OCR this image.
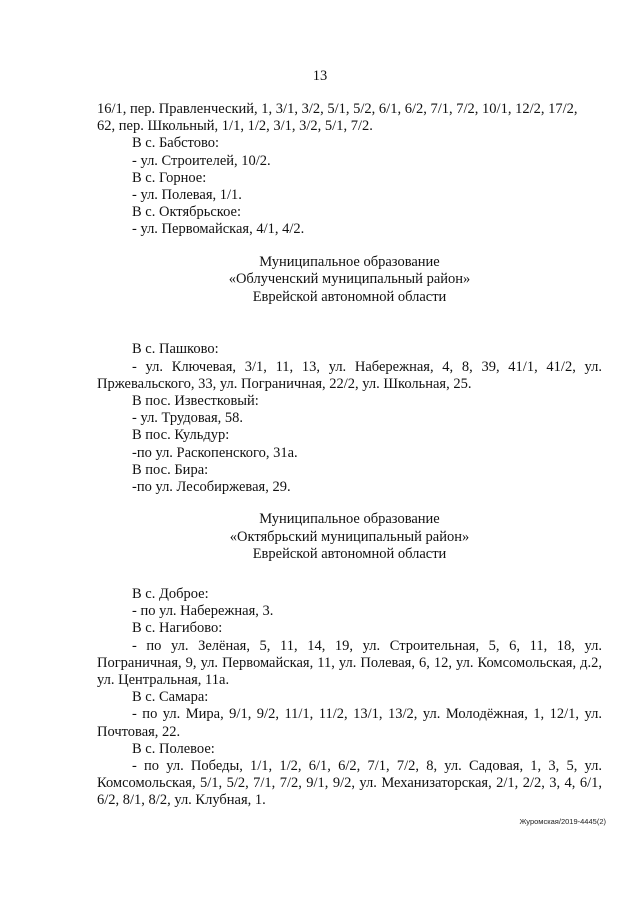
13

16/1, пер. Правленческий, 1, 3/1, 3/2, 5/1, 5/2, 6/1, 6/2, 7/1, 7/2, 10/1, 12/2, 17/2,

62, пер. Школьный, 1/1, 1/2, 3/1, 3/2, 5/1, 7/2.

В с. Бабстово:

- ул. Строителей, 10/2.

В с. Горное:

- ул. Полевая, 1/1.

В с. Октябрьское:

- ул. Первомайская, 4/1, 4/2.

Муниципальное образование
«Облученский муниципальный район»
Еврейской автономной области

В с. Пашково:

- ул. Ключевая, 3/1, 11, 13, ул. Набережная, 4, 8, 39, 41/1, 41/2, ул. Пржевальского, 33, ул. Пограничная, 22/2, ул. Школьная, 25.

В пос. Известковый:

- ул. Трудовая, 58.

В пос. Кульдур:

-по ул. Раскопенского, 31а.

В пос. Бира:

-по ул. Лесобиржевая, 29.

Муниципальное образование
«Октябрьский муниципальный район»
Еврейской автономной области

В с. Доброе:

- по ул. Набережная, 3.

В с. Нагибово:

- по ул. Зелёная, 5, 11, 14, 19, ул. Строительная, 5, 6, 11, 18, ул. Пограничная, 9, ул. Первомайская, 11, ул. Полевая, 6, 12, ул. Комсомольская, д.2, ул. Центральная, 11а.

В с. Самара:

- по ул. Мира, 9/1, 9/2, 11/1, 11/2, 13/1, 13/2, ул. Молодёжная, 1, 12/1, ул. Почтовая, 22.

В с. Полевое:

- по ул. Победы, 1/1, 1/2, 6/1, 6/2, 7/1, 7/2, 8, ул. Садовая, 1, 3, 5, ул. Комсомольская, 5/1, 5/2, 7/1, 7/2, 9/1, 9/2, ул. Механизаторская, 2/1, 2/2, 3, 4, 6/1, 6/2, 8/1, 8/2, ул. Клубная, 1.

Журомская/2019-4445(2)
